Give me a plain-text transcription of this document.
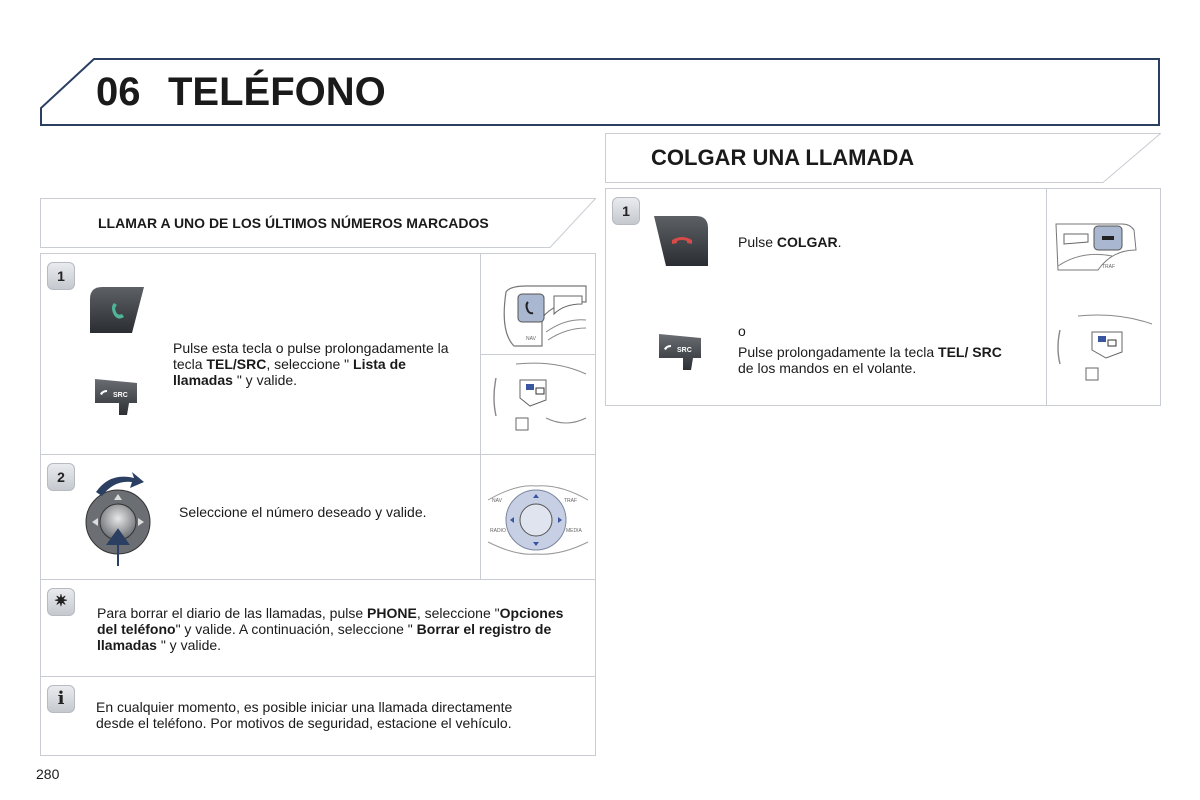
06 TELÉFONO
LLAMAR A UNO DE LOS ÚLTIMOS NÚMEROS MARCADOS
1
SRC
Pulse esta tecla o pulse prolongadamente la tecla TEL/SRC, seleccione " Lista de llamadas " y valide.
NAV
2
Seleccione el número deseado y valide.
NAV	TRAF
RADIO	MEDIA
✷
Para borrar el diario de las llamadas, pulse PHONE, seleccione "Opciones del teléfono" y valide. A continuación, seleccione " Borrar el registro de llamadas " y valide.
i	En cualquier momento, es posible iniciar una llamada directamente desde el teléfono. Por motivos de seguridad, estacione el vehículo.
COLGAR UNA LLAMADA
1
Pulse COLGAR.
SRC
o
Pulse prolongadamente la tecla TEL/ SRC de los mandos en el volante.
TRAF
280
